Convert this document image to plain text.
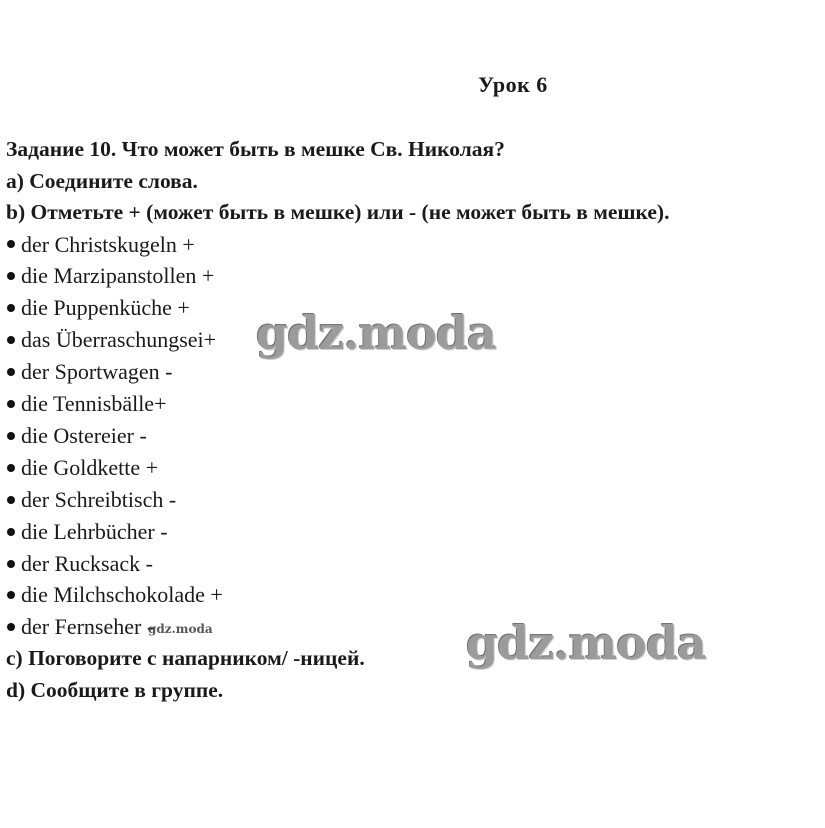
Урок 6
Задание 10. Что может быть в мешке Св. Николая?
a) Соедините слова.
b) Отметьте + (может быть в мешке) или - (не может быть в мешке).
der Christskugeln +
die Marzipanstollen +
die Puppenküche +
das Überraschungsei+
der Sportwagen -
die Tennisbälle+
die Ostereier -
die Goldkette +
der Schreibtisch -
die Lehrbücher -
der Rucksack -
die Milchschokolade +
der Fernseher -
c) Поговорите с напарником/ -ницей.
d) Сообщите в группе.
gdz.moda
gdz.moda
gdz.moda
